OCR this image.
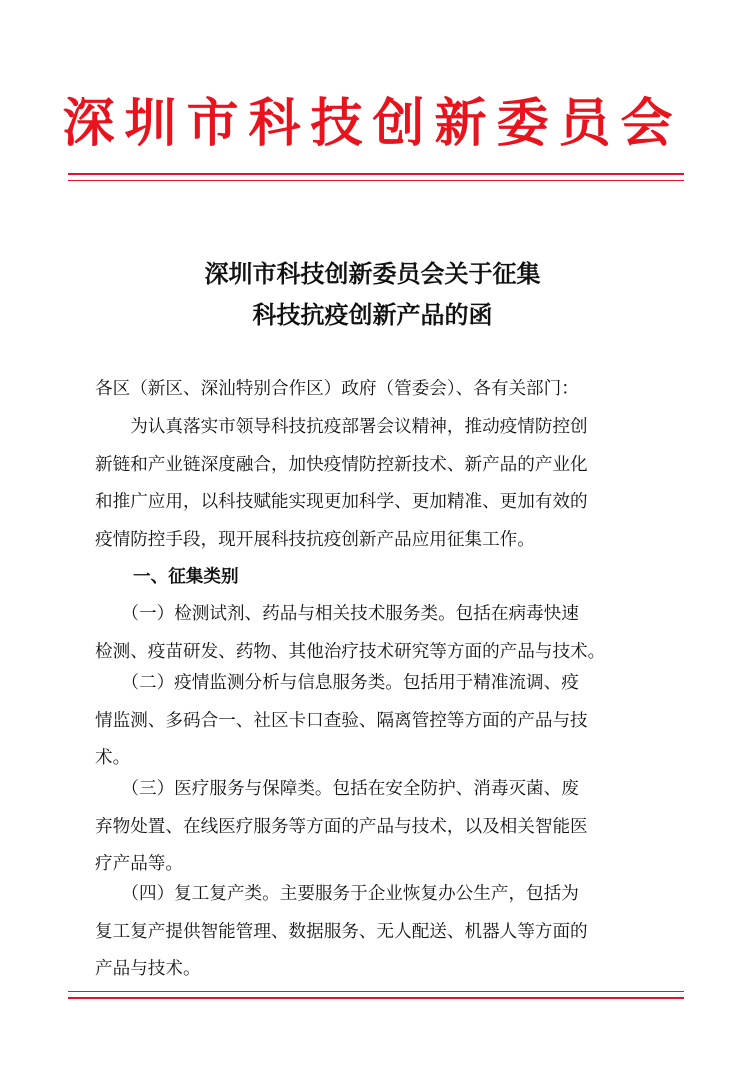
深圳市科技创新委员会
深圳市科技创新委员会关于征集
科技抗疫创新产品的函
各区（新区、深汕特别合作区）政府（管委会）、各有关部门：
　　为认真落实市领导科技抗疫部署会议精神，推动疫情防控创
新链和产业链深度融合，加快疫情防控新技术、新产品的产业化
和推广应用，以科技赋能实现更加科学、更加精准、更加有效的
疫情防控手段，现开展科技抗疫创新产品应用征集工作。
一、征集类别
　　（一）检测试剂、药品与相关技术服务类。包括在病毒快速
检测、疫苗研发、药物、其他治疗技术研究等方面的产品与技术。
　　（二）疫情监测分析与信息服务类。包括用于精准流调、疫
情监测、多码合一、社区卡口查验、隔离管控等方面的产品与技
术。
　　（三）医疗服务与保障类。包括在安全防护、消毒灭菌、废
弃物处置、在线医疗服务等方面的产品与技术，以及相关智能医
疗产品等。
　　（四）复工复产类。主要服务于企业恢复办公生产，包括为
复工复产提供智能管理、数据服务、无人配送、机器人等方面的
产品与技术。
